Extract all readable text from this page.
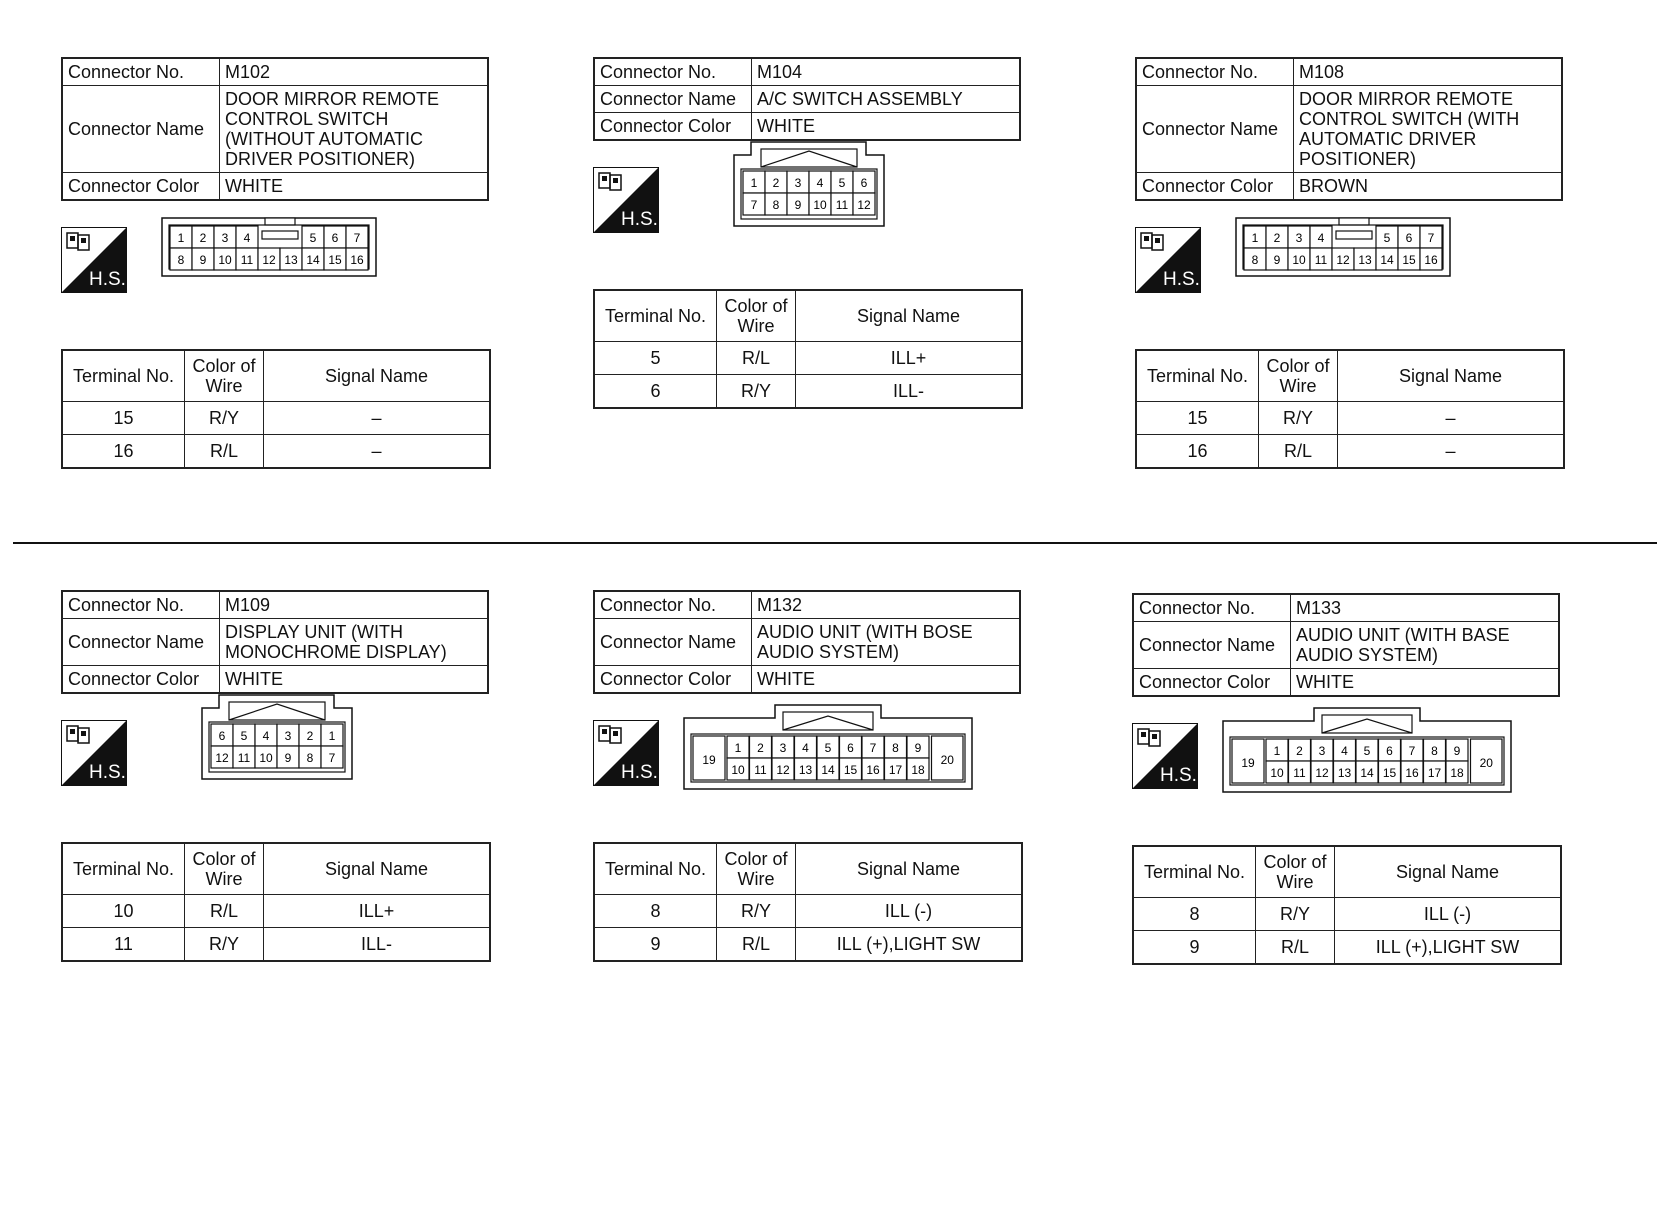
Connector No.	M102
Connector Name	DOOR MIRROR REMOTE
CONTROL SWITCH
(WITHOUT AUTOMATIC
DRIVER POSITIONER)
Connector Color	WHITE
H.S.
1 2 3 4	5 6 7
8 9 10 11 12 13 14 15 16
Terminal No.	Color of Wire	Signal Name
15	R/Y	–
16	R/L	–
Connector No.	M104
Connector Name	A/C SWITCH ASSEMBLY
Connector Color	WHITE
H.S.
1 2 3 4 5 6
7 8 9 10 11 12
Terminal No.	Color of Wire	Signal Name
5	R/L	ILL+
6	R/Y	ILL-
Connector No.	M108
Connector Name	DOOR MIRROR REMOTE
CONTROL SWITCH (WITH
AUTOMATIC DRIVER
POSITIONER)
Connector Color	BROWN
H.S.
1 2 3 4	5 6 7
8 9 10 11 12 13 14 15 16
Terminal No.	Color of Wire	Signal Name
15	R/Y	–
16	R/L	–
Connector No.	M109
Connector Name	DISPLAY UNIT (WITH
MONOCHROME DISPLAY)
Connector Color	WHITE
H.S.
6 5 4 3 2 1
12 11 10 9 8 7
Terminal No.	Color of Wire	Signal Name
10	R/L	ILL+
11	R/Y	ILL-
Connector No.	M132
Connector Name	AUDIO UNIT (WITH BOSE
AUDIO SYSTEM)
Connector Color	WHITE
H.S.
1 2 3 4 5 6 7 8 9
10 11 12 13 14 15 16 17 18
19	20
Terminal No.	Color of Wire	Signal Name
8	R/Y	ILL (-)
9	R/L	ILL (+),LIGHT SW
Connector No.	M133
Connector Name	AUDIO UNIT (WITH BASE
AUDIO SYSTEM)
Connector Color	WHITE
H.S.
1 2 3 4 5 6 7 8 9
10 11 12 13 14 15 16 17 18
19	20
Terminal No.	Color of Wire	Signal Name
8	R/Y	ILL (-)
9	R/L	ILL (+),LIGHT SW
